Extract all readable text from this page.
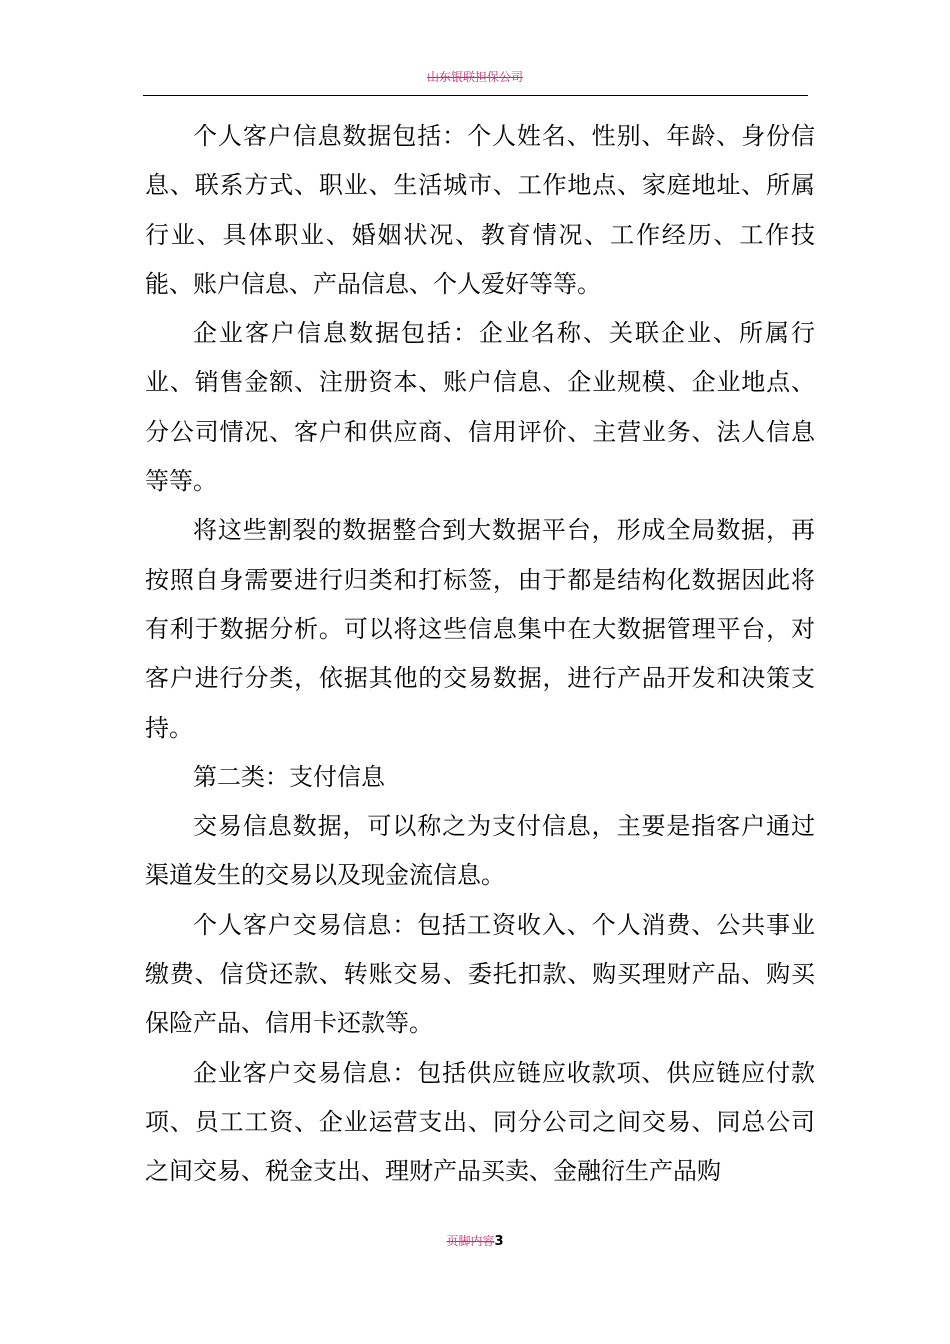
山东银联担保公司

个人客户信息数据包括：个人姓名、性别、年龄、身份信息、联系方式、职业、生活城市、工作地点、家庭地址、所属行业、具体职业、婚姻状况、教育情况、工作经历、工作技能、账户信息、产品信息、个人爱好等等。

企业客户信息数据包括：企业名称、关联企业、所属行业、销售金额、注册资本、账户信息、企业规模、企业地点、分公司情况、客户和供应商、信用评价、主营业务、法人信息等等。

将这些割裂的数据整合到大数据平台，形成全局数据，再按照自身需要进行归类和打标签，由于都是结构化数据因此将有利于数据分析。可以将这些信息集中在大数据管理平台，对客户进行分类，依据其他的交易数据，进行产品开发和决策支持。

第二类：支付信息

交易信息数据，可以称之为支付信息，主要是指客户通过渠道发生的交易以及现金流信息。

个人客户交易信息：包括工资收入、个人消费、公共事业缴费、信贷还款、转账交易、委托扣款、购买理财产品、购买保险产品、信用卡还款等。

企业客户交易信息：包括供应链应收款项、供应链应付款项、员工工资、企业运营支出、同分公司之间交易、同总公司之间交易、税金支出、理财产品买卖、金融衍生产品购

页脚内容3
